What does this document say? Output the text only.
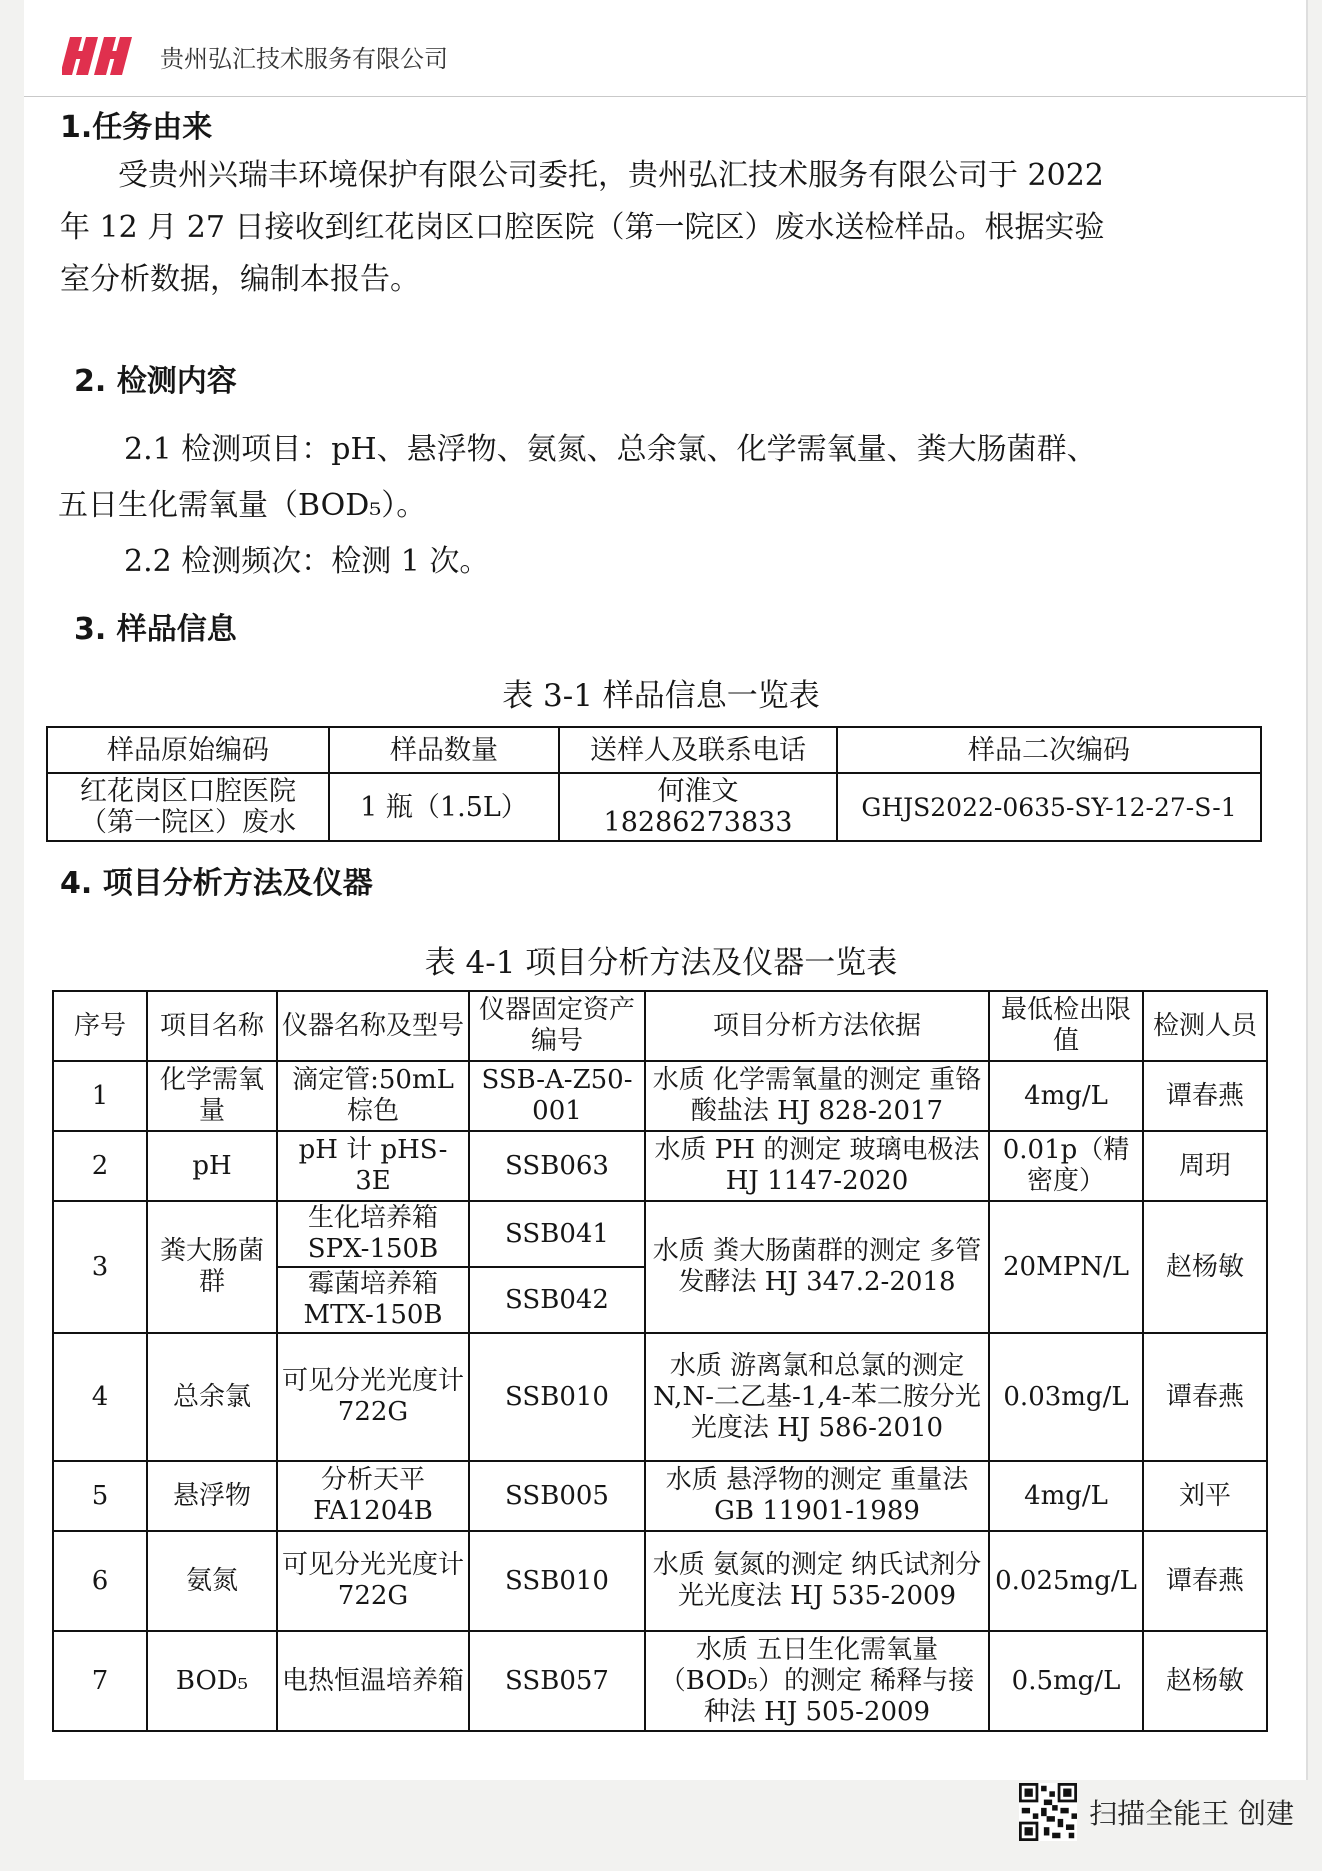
贵州弘汇技术服务有限公司
1.任务由来
受贵州兴瑞丰环境保护有限公司委托，贵州弘汇技术服务有限公司于 2022
年 12 月 27 日接收到红花岗区口腔医院（第一院区）废水送检样品。根据实验
室分析数据，编制本报告。
2. 检测内容
2.1 检测项目：pH、悬浮物、氨氮、总余氯、化学需氧量、粪大肠菌群、
五日生化需氧量（BOD₅）。
2.2 检测频次：检测 1 次。
3. 样品信息
表 3-1 样品信息一览表
样品原始编码	样品数量	送样人及联系电话	样品二次编码
红花岗区口腔医院（第一院区）废水	1 瓶（1.5L）	何淮文 18286273833	GHJS2022-0635-SY-12-27-S-1
4. 项目分析方法及仪器
表 4-1 项目分析方法及仪器一览表
序号	项目名称	仪器名称及型号	仪器固定资产编号	项目分析方法依据	最低检出限值	检测人员
1	化学需氧量	滴定管:50mL 棕色	SSB-A-Z50-001	水质 化学需氧量的测定 重铬酸盐法 HJ 828-2017	4mg/L	谭春燕
2	pH	pH 计 pHS-3E	SSB063	水质 PH 的测定 玻璃电极法 HJ 1147-2020	0.01p（精密度）	周玥
3	粪大肠菌群	生化培养箱 SPX-150B	SSB041	水质 粪大肠菌群的测定 多管发酵法 HJ 347.2-2018	20MPN/L	赵杨敏
		霉菌培养箱 MTX-150B	SSB042			
4	总余氯	可见分光光度计 722G	SSB010	水质 游离氯和总氯的测定 N,N-二乙基-1,4-苯二胺分光光度法 HJ 586-2010	0.03mg/L	谭春燕
5	悬浮物	分析天平 FA1204B	SSB005	水质 悬浮物的测定 重量法 GB 11901-1989	4mg/L	刘平
6	氨氮	可见分光光度计 722G	SSB010	水质 氨氮的测定 纳氏试剂分光光度法 HJ 535-2009	0.025mg/L	谭春燕
7	BOD₅	电热恒温培养箱	SSB057	水质 五日生化需氧量（BOD₅）的测定 稀释与接种法 HJ 505-2009	0.5mg/L	赵杨敏
扫描全能王 创建
